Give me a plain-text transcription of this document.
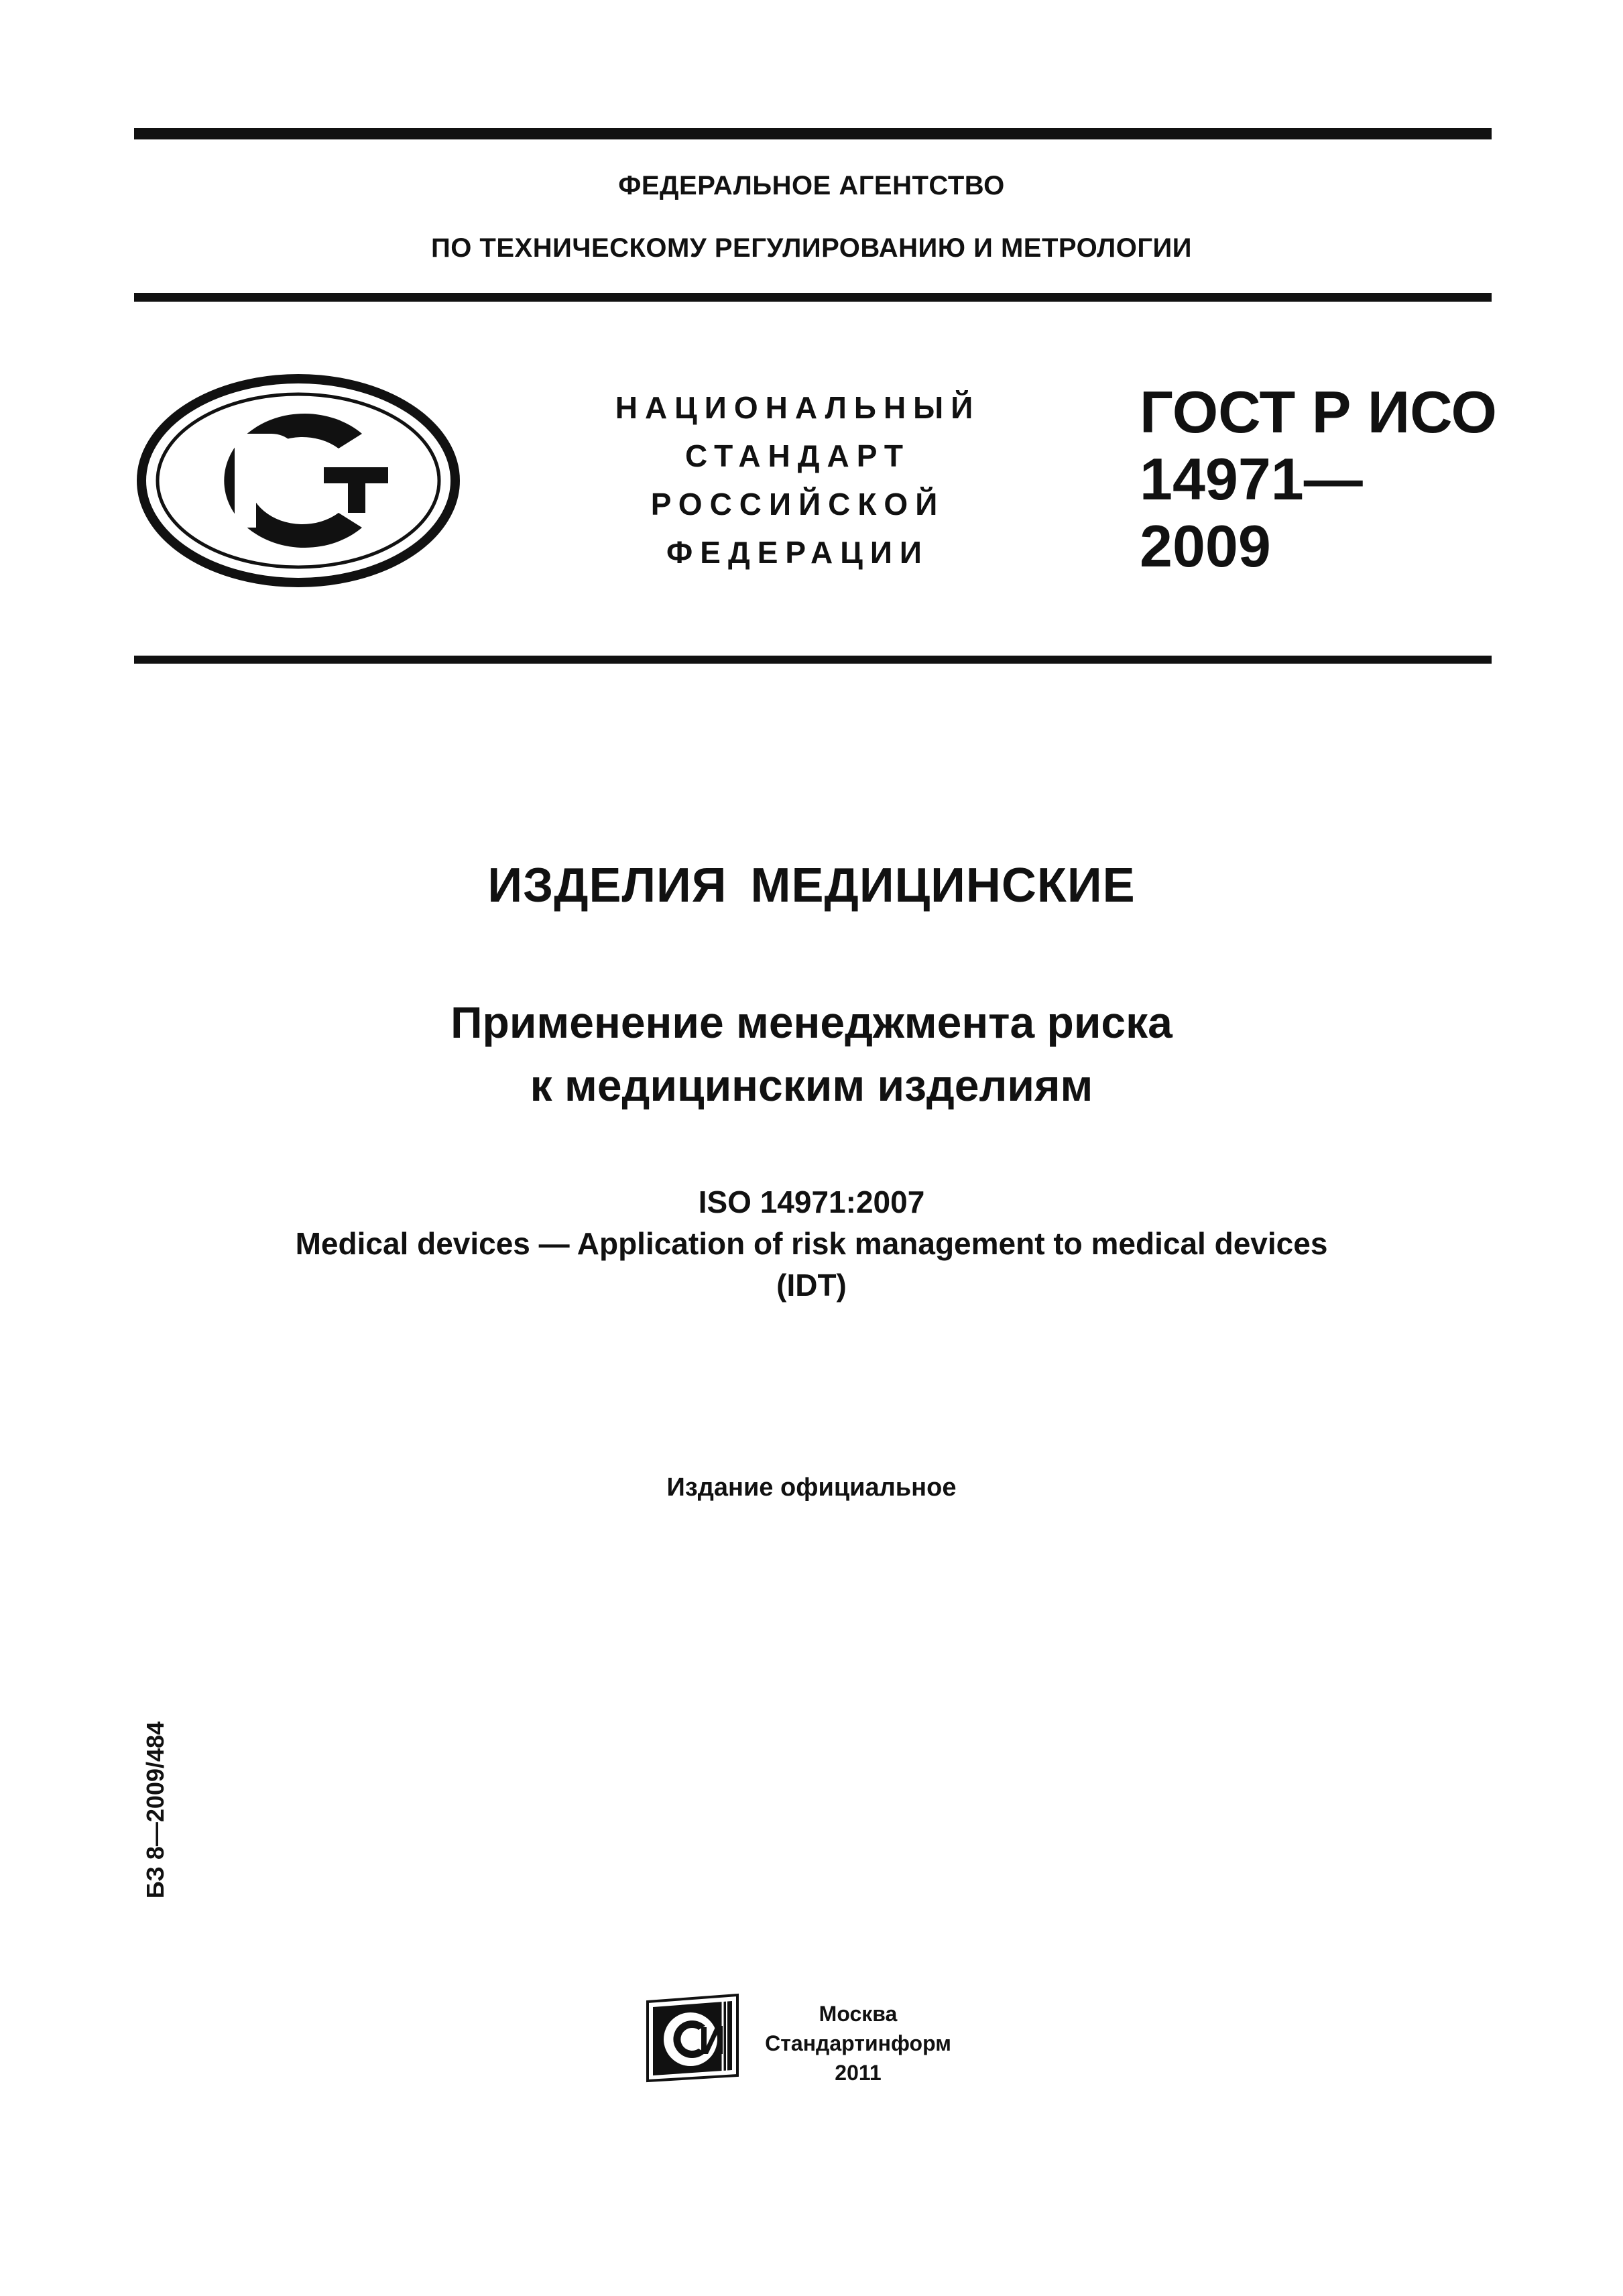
ФЕДЕРАЛЬНОЕ АГЕНТСТВО
ПО ТЕХНИЧЕСКОМУ РЕГУЛИРОВАНИЮ И МЕТРОЛОГИИ
НАЦИОНАЛЬНЫЙ
СТАНДАРТ
РОССИЙСКОЙ
ФЕДЕРАЦИИ
ГОСТ Р ИСО
14971—
2009
ИЗДЕЛИЯ МЕДИЦИНСКИЕ
Применение менеджмента риска
к медицинским изделиям
ISO 14971:2007
Medical devices — Application of risk management to medical devices
(IDT)
Издание официальное
БЗ 8—2009/484
Москва
Стандартинформ
2011
